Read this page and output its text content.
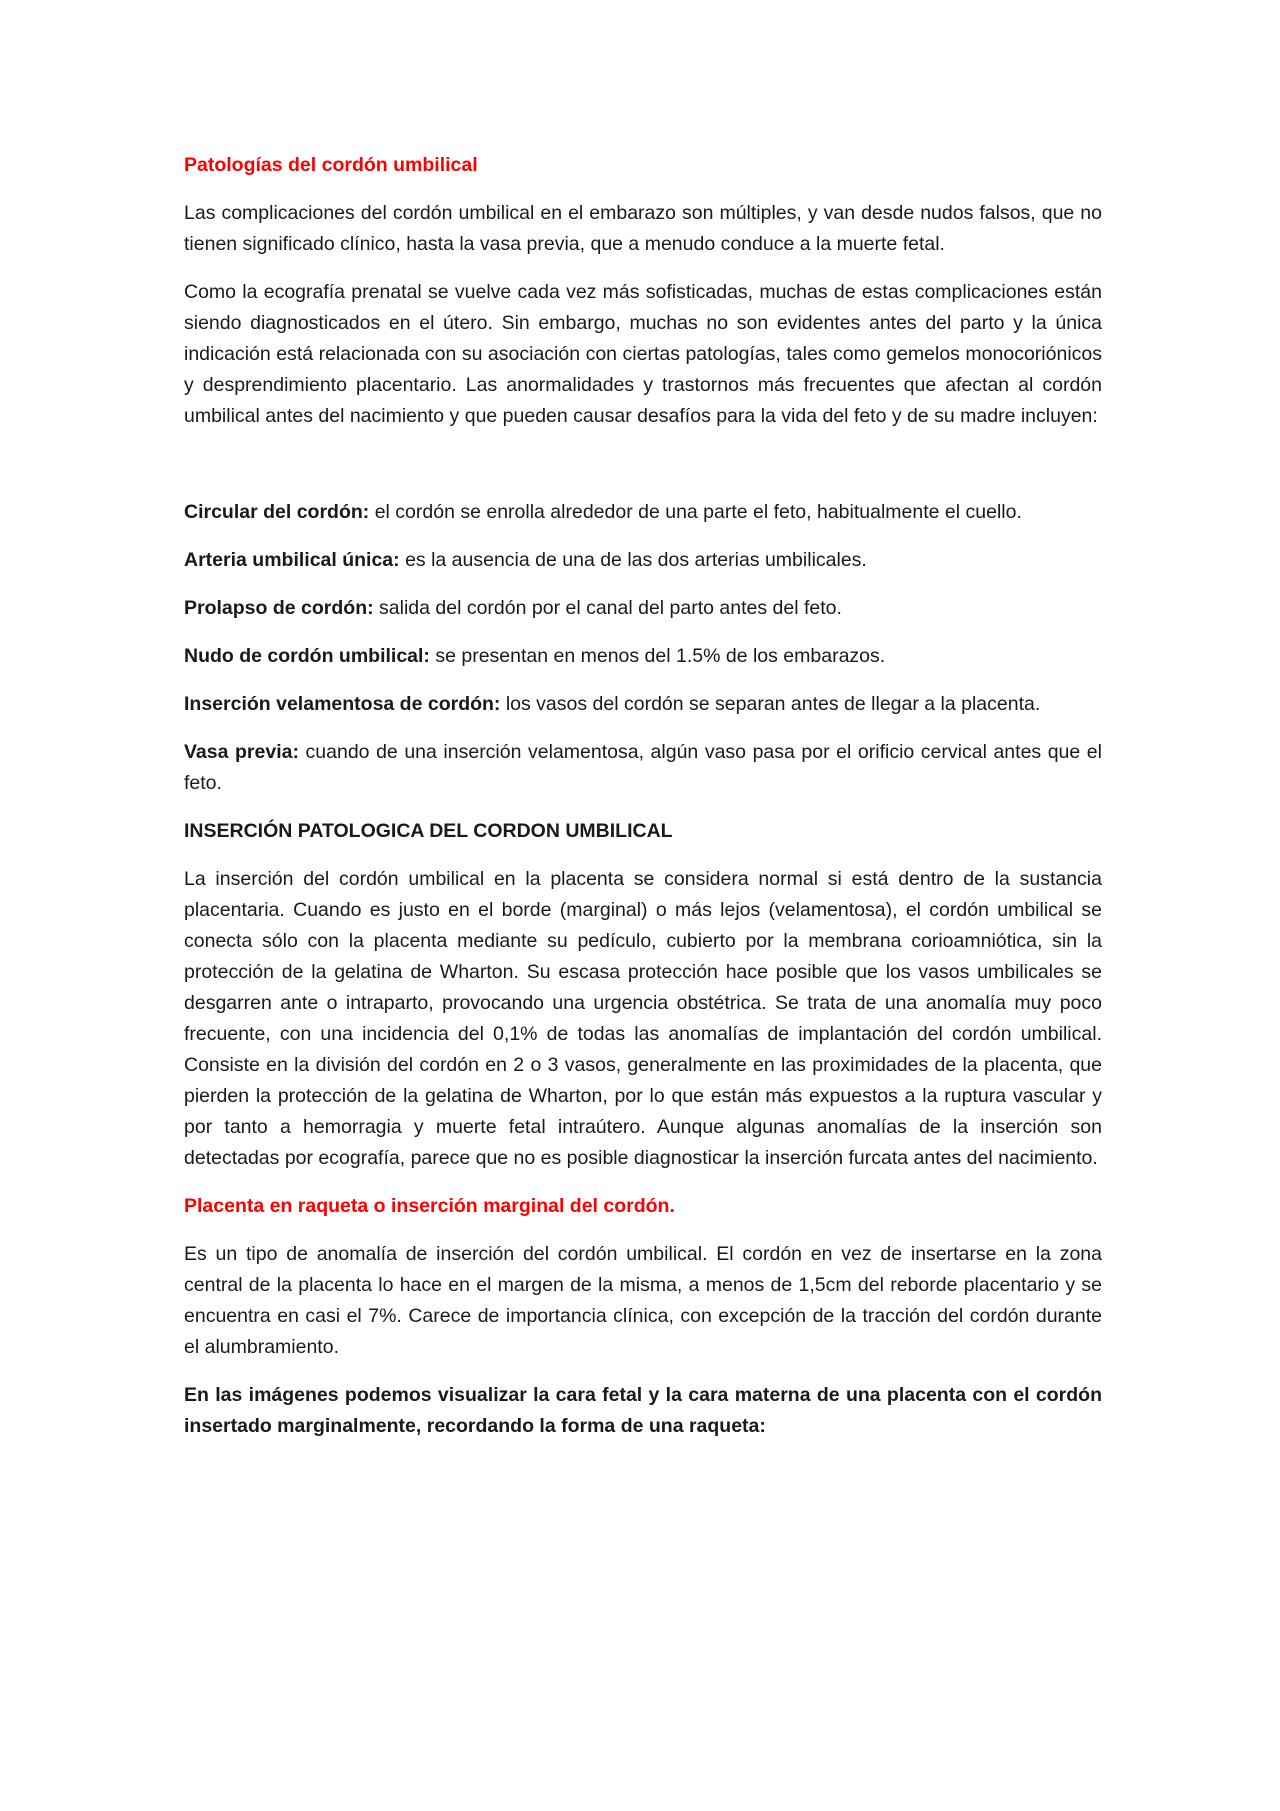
Patologías del cordón umbilical

Las complicaciones del cordón umbilical en el embarazo son múltiples, y van desde nudos falsos, que no tienen significado clínico, hasta la vasa previa, que a menudo conduce a la muerte fetal.

Como la ecografía prenatal se vuelve cada vez más sofisticadas, muchas de estas complicaciones están siendo diagnosticados en el útero. Sin embargo, muchas no son evidentes antes del parto y la única indicación está relacionada con su asociación con ciertas patologías, tales como gemelos monocoriónicos y desprendimiento placentario. Las anormalidades y trastornos más frecuentes que afectan al cordón umbilical antes del nacimiento y que pueden causar desafíos para la vida del feto y de su madre incluyen:

Circular del cordón: el cordón se enrolla alrededor de una parte el feto, habitualmente el cuello.

Arteria umbilical única: es la ausencia de una de las dos arterias umbilicales.

Prolapso de cordón: salida del cordón por el canal del parto antes del feto.

Nudo de cordón umbilical: se presentan en menos del 1.5% de los embarazos.

Inserción velamentosa de cordón: los vasos del cordón se separan antes de llegar a la placenta.

Vasa previa: cuando de una inserción velamentosa, algún vaso pasa por el orificio cervical antes que el feto.

INSERCIÓN PATOLOGICA DEL CORDON UMBILICAL

La inserción del cordón umbilical en la placenta se considera normal si está dentro de la sustancia placentaria. Cuando es justo en el borde (marginal) o más lejos (velamentosa), el cordón umbilical se conecta sólo con la placenta mediante su pedículo, cubierto por la membrana corioamniótica, sin la protección de la gelatina de Wharton. Su escasa protección hace posible que los vasos umbilicales se desgarren ante o intraparto, provocando una urgencia obstétrica. Se trata de una anomalía muy poco frecuente, con una incidencia del 0,1% de todas las anomalías de implantación del cordón umbilical. Consiste en la división del cordón en 2 o 3 vasos, generalmente en las proximidades de la placenta, que pierden la protección de la gelatina de Wharton, por lo que están más expuestos a la ruptura vascular y por tanto a hemorragia y muerte fetal intraútero. Aunque algunas anomalías de la inserción son detectadas por ecografía, parece que no es posible diagnosticar la inserción furcata antes del nacimiento.

Placenta en raqueta o inserción marginal del cordón.

Es un tipo de anomalía de inserción del cordón umbilical. El cordón en vez de insertarse en la zona central de la placenta lo hace en el margen de la misma, a menos de 1,5cm del reborde placentario y se encuentra en casi el 7%. Carece de importancia clínica, con excepción de la tracción del cordón durante el alumbramiento.

En las imágenes podemos visualizar la cara fetal y la cara materna de una placenta con el cordón insertado marginalmente, recordando la forma de una raqueta:
